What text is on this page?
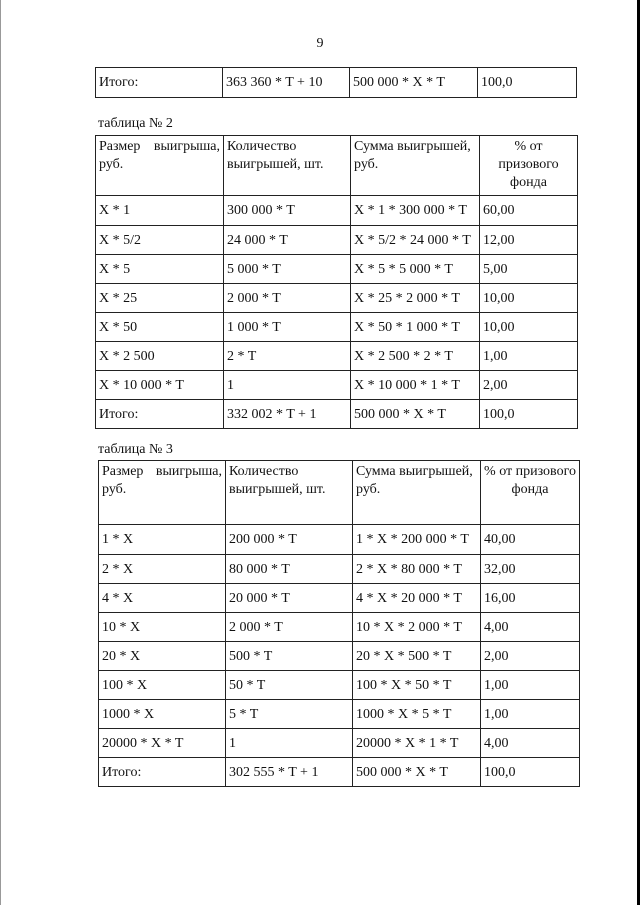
9
Итого:	363 360 * T + 10	500 000 * X * T	100,0
таблица № 2
Размер выигрыша, руб.	Количество выигрышей, шт.	Сумма выигрышей, руб.	% от призового фонда
X * 1	300 000 * T	X * 1 * 300 000 * T	60,00
X * 5/2	24 000 * T	X * 5/2 * 24 000 * T	12,00
X * 5	5 000 * T	X * 5 * 5 000 * T	5,00
X * 25	2 000 * T	X * 25 * 2 000 * T	10,00
X * 50	1 000 * T	X * 50 * 1 000 * T	10,00
X * 2 500	2 * T	X * 2 500 * 2 * T	1,00
X * 10 000 * T	1	X * 10 000 * 1 * T	2,00
Итого:	332 002 * T + 1	500 000 * X * T	100,0
таблица № 3
Размер выигрыша, руб.	Количество выигрышей, шт.	Сумма выигрышей, руб.	% от призового фонда
1 * X	200 000 * T	1 * X * 200 000 * T	40,00
2 * X	80 000 * T	2 * X * 80 000 * T	32,00
4 * X	20 000 * T	4 * X * 20 000 * T	16,00
10 * X	2 000 * T	10 * X * 2 000 * T	4,00
20 * X	500 * T	20 * X * 500 * T	2,00
100 * X	50 * T	100 * X * 50 * T	1,00
1000 * X	5 * T	1000 * X * 5 * T	1,00
20000 * X * T	1	20000 * X * 1 * T	4,00
Итого:	302 555 * T + 1	500 000 * X * T	100,0
